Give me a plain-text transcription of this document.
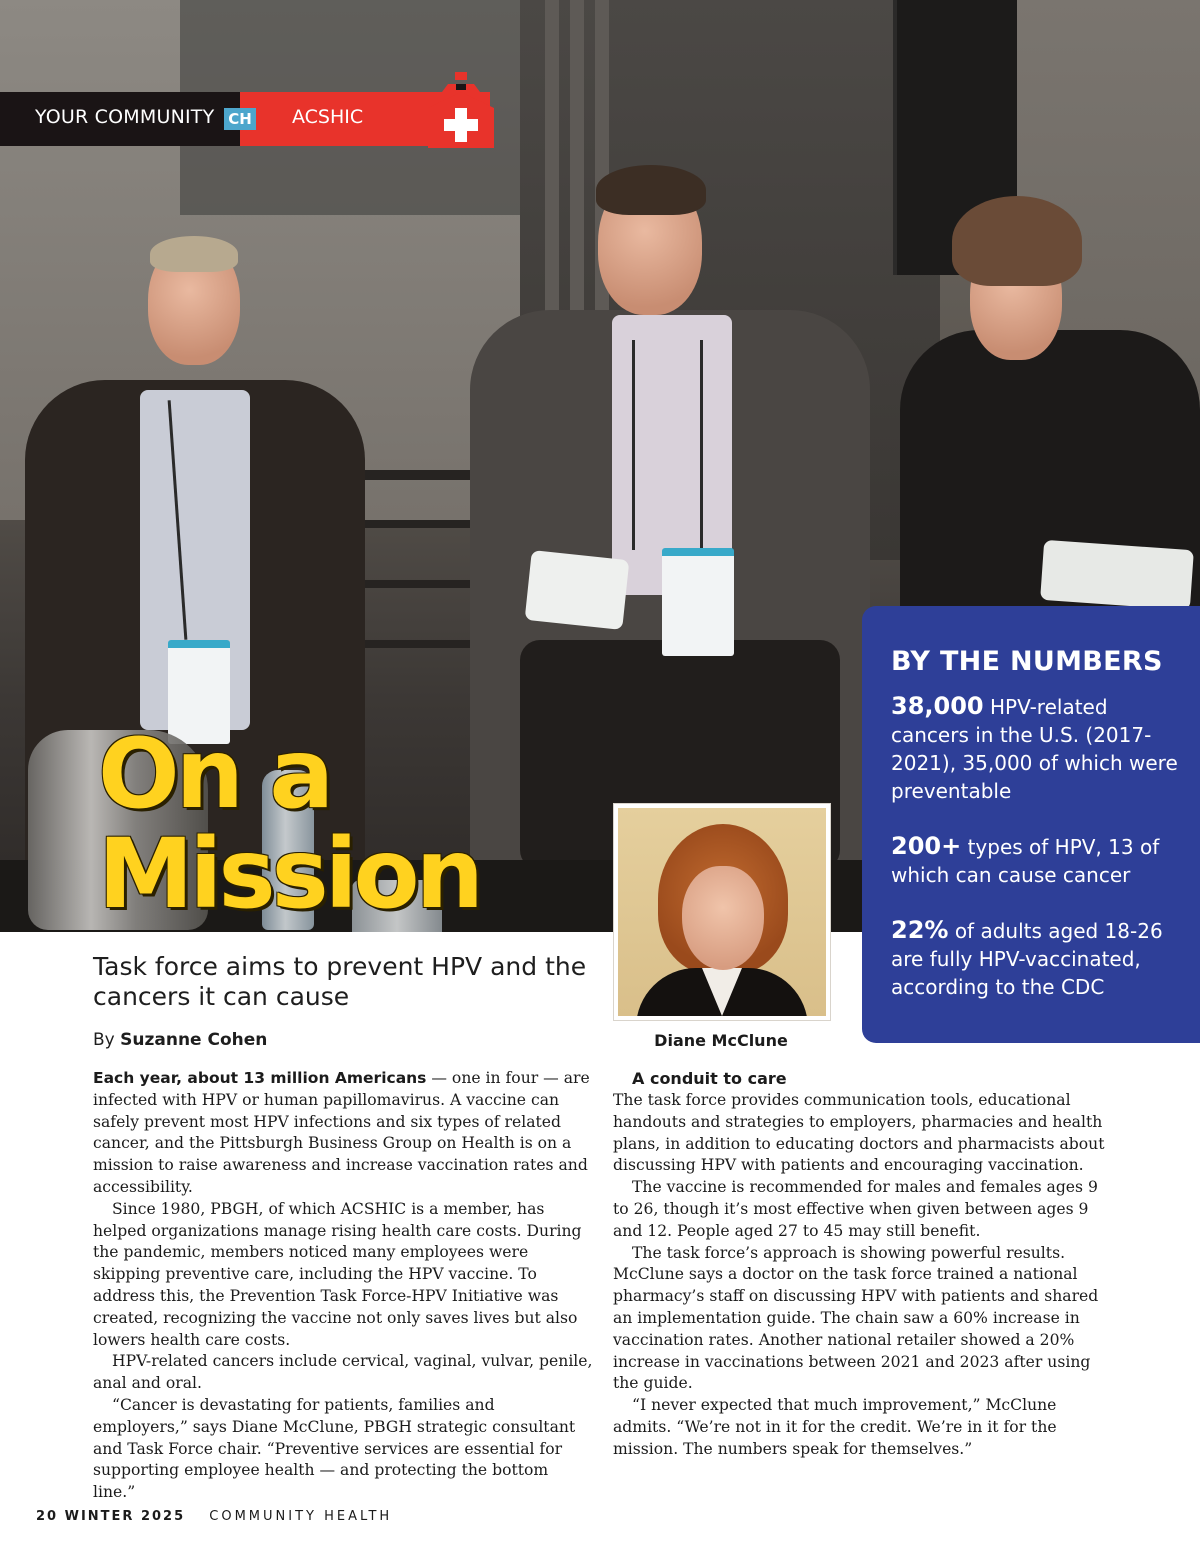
YOUR COMMUNITY CH ACSHIC
On a
Mission
BY THE NUMBERS
38,000 HPV-related cancers in the U.S. (2017-2021), 35,000 of which were preventable
200+ types of HPV, 13 of which can cause cancer
22% of adults aged 18-26 are fully HPV-vaccinated, according to the CDC
Diane McClune
Task force aims to prevent HPV and the cancers it can cause
By Suzanne Cohen

Each year, about 13 million Americans — one in four — are infected with HPV or human papillomavirus. A vaccine can safely prevent most HPV infections and six types of related cancer, and the Pittsburgh Business Group on Health is on a mission to raise awareness and increase vaccination rates and accessibility.

Since 1980, PBGH, of which ACSHIC is a member, has helped organizations manage rising health care costs. During the pandemic, members noticed many employees were skipping preventive care, including the HPV vaccine. To address this, the Prevention Task Force-HPV Initiative was created, recognizing the vaccine not only saves lives but also lowers health care costs.

HPV-related cancers include cervical, vaginal, vulvar, penile, anal and oral.

“Cancer is devastating for patients, families and employers,” says Diane McClune, PBGH strategic consultant and Task Force chair. “Preventive services are essential for supporting employee health — and protecting the bottom line.”

A conduit to care

The task force provides communication tools, educational handouts and strategies to employers, pharmacies and health plans, in addition to educating doctors and pharmacists about discussing HPV with patients and encouraging vaccination.

The vaccine is recommended for males and females ages 9 to 26, though it’s most effective when given between ages 9 and 12. People aged 27 to 45 may still benefit.

The task force’s approach is showing powerful results. McClune says a doctor on the task force trained a national pharmacy’s staff on discussing HPV with patients and shared an implementation guide. The chain saw a 60% increase in vaccination rates. Another national retailer showed a 20% increase in vaccinations between 2021 and 2023 after using the guide.

“I never expected that much improvement,” McClune admits. “We’re not in it for the credit. We’re in it for the mission. The numbers speak for themselves.”

20 WINTER 2025 COMMUNITY HEALTH
